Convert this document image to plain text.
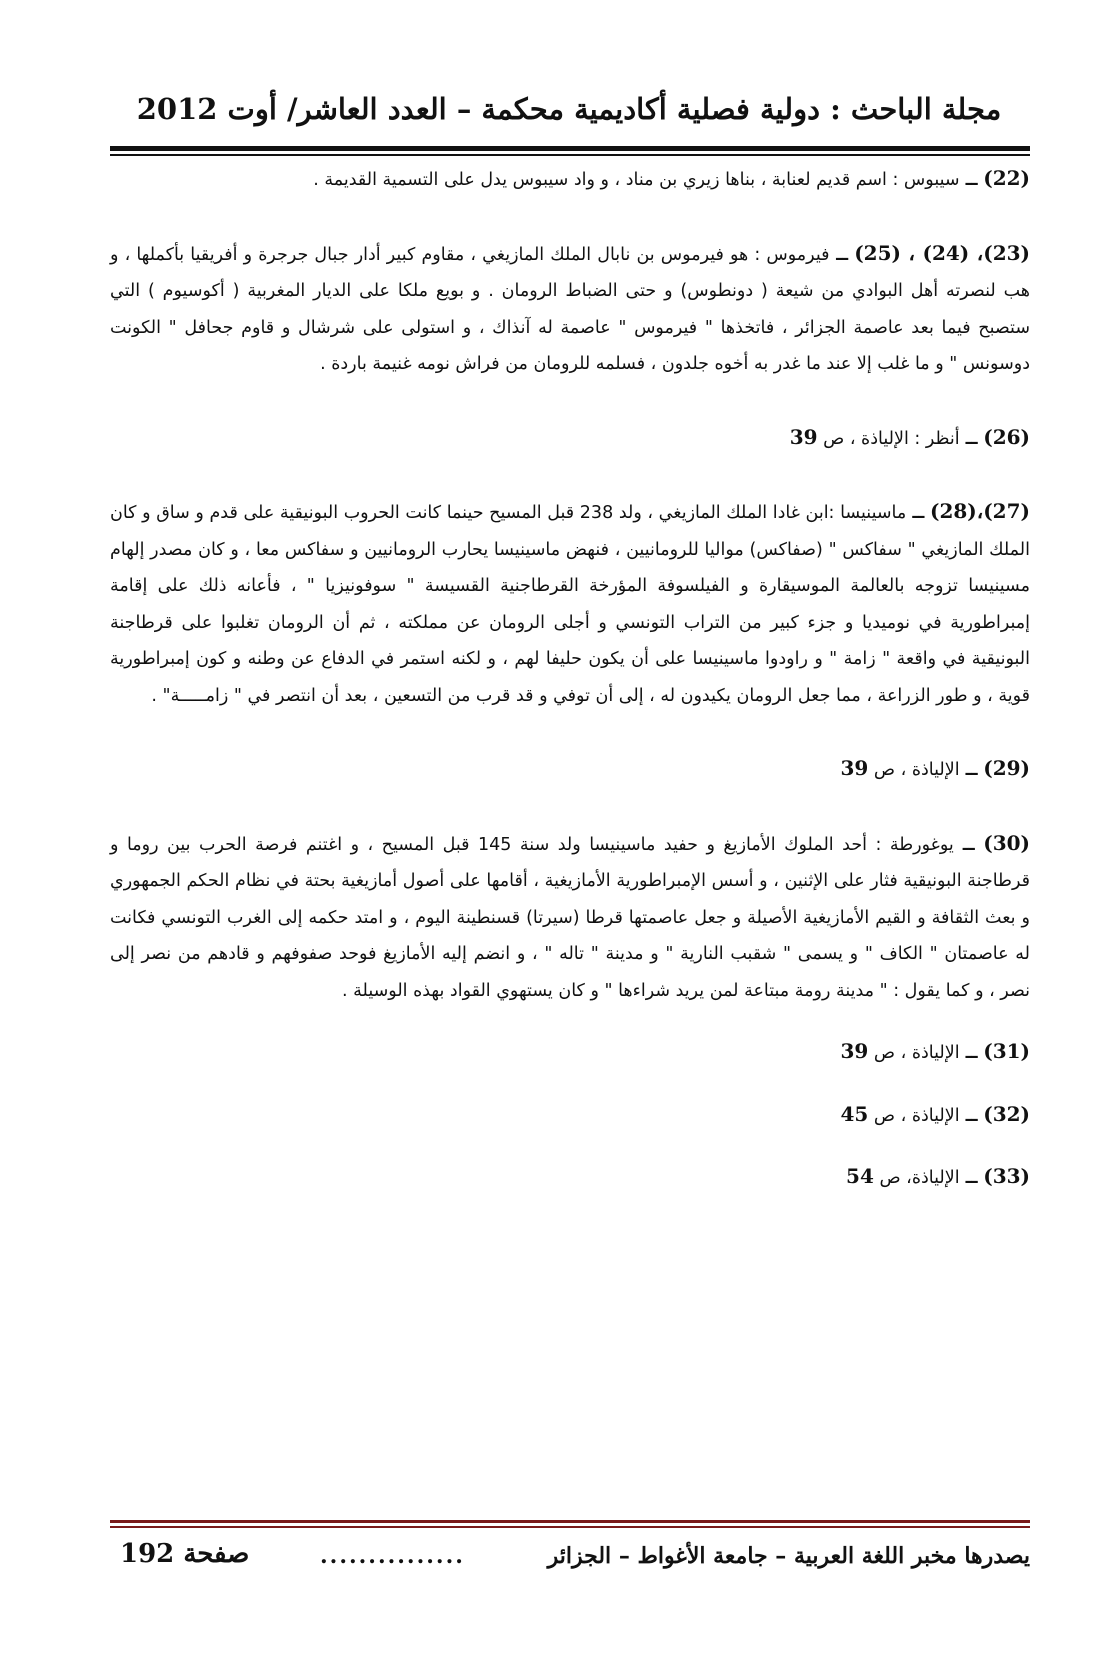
مجلة الباحث : دولية فصلية أكاديمية محكمة – العدد العاشر/ أوت 2012

(22) ــ سيبوس : اسم قديم لعنابة ، بناها زيري بن مناد ، و واد سيبوس يدل على التسمية القديمة .

(23)، (24) ، (25) ــ فيرموس : هو فيرموس بن نابال الملك المازيغي ، مقاوم كبير أدار جبال جرجرة و أفريقيا بأكملها ، و هب لنصرته أهل البوادي من شيعة ( دونطوس) و حتى الضباط الرومان . و بويع ملكا على الديار المغربية ( أكوسيوم ) التي ستصبح فيما بعد عاصمة الجزائر ، فاتخذها " فيرموس " عاصمة له آنذاك ، و استولى على شرشال و قاوم جحافل " الكونت دوسونس " و ما غلب إلا عند ما غدر به أخوه جلدون ، فسلمه للرومان من فراش نومه غنيمة باردة .

(26) ــ أنظر : الإلياذة ، ص 39

(27)،(28) ــ ماسينيسا :ابن غادا الملك المازيغي ، ولد 238 قبل المسيح حينما كانت الحروب البونيقية على قدم و ساق و كان الملك المازيغي " سفاكس " (صفاكس) مواليا للرومانيين ، فنهض ماسينيسا يحارب الرومانيين و سفاكس معا ، و كان مصدر إلهام مسينيسا تزوجه بالعالمة الموسيقارة و الفيلسوفة المؤرخة القرطاجنية القسيسة " سوفونيزيا " ، فأعانه ذلك على إقامة إمبراطورية في نوميديا و جزء كبير من التراب التونسي و أجلى الرومان عن مملكته ، ثم أن الرومان تغلبوا على قرطاجنة البونيقية في واقعة " زامة " و راودوا ماسينيسا على أن يكون حليفا لهم ، و لكنه استمر في الدفاع عن وطنه و كون إمبراطورية قوية ، و طور الزراعة ، مما جعل الرومان يكيدون له ، إلى أن توفي و قد قرب من التسعين ، بعد أن انتصر في " زامـــــة" .

(29) ــ الإلياذة ، ص 39

(30) ــ يوغورطة : أحد الملوك الأمازيغ و حفيد ماسينيسا ولد سنة 145 قبل المسيح ، و اغتنم فرصة الحرب بين روما و قرطاجنة البونيقية فثار على الإثنين ، و أسس الإمبراطورية الأمازيغية ، أقامها على أصول أمازيغية بحتة في نظام الحكم الجمهوري و بعث الثقافة و القيم الأمازيغية الأصيلة و جعل عاصمتها قرطا (سيرتا) قسنطينة اليوم ، و امتد حكمه إلى الغرب التونسي فكانت له عاصمتان " الكاف " و يسمى " شقبب النارية " و مدينة " تاله " ، و انضم إليه الأمازيغ فوحد صفوفهم و قادهم من نصر إلى نصر ، و كما يقول : " مدينة رومة مبتاعة لمن يريد شراءها " و كان يستهوي القواد بهذه الوسيلة .

(31) ــ الإلياذة ، ص 39

(32) ــ الإلياذة ، ص 45

(33) ــ الإلياذة، ص 54

يصدرها مخبر اللغة العربية – جامعة الأغواط – الجزائر
...............
صفحة 192
